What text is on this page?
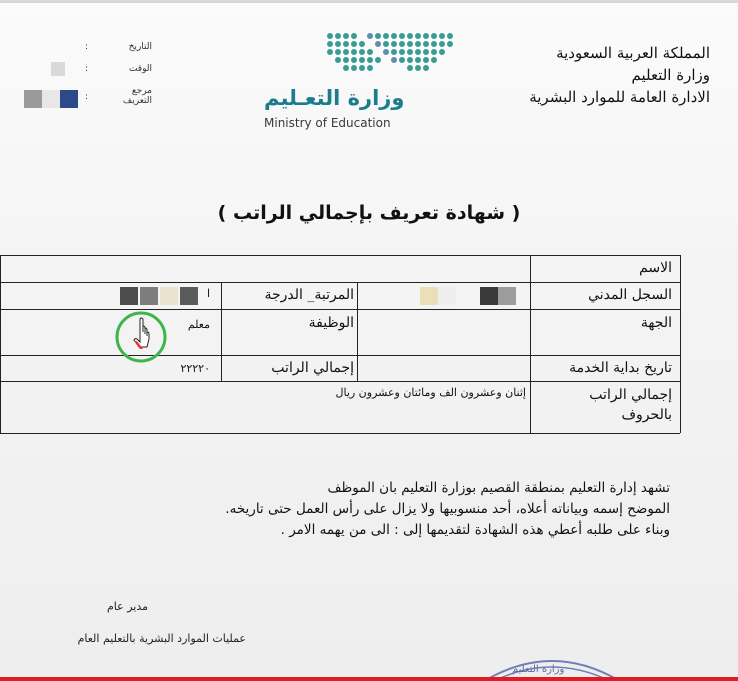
المملكة العربية السعودية
وزارة التعليم
الادارة العامة للموارد البشرية
التاريخ
:
الوقت
:
مرجع
التعريف
:	وزارة التعـليم
Ministry of Education
( شهادة تعريف بإجمالي الراتب )
الاسم
السجل المدني
الجهة
تاريخ بداية الخدمة
إجمالي الراتب
بالحروف
المرتبة_ الدرجة
الوظيفة
إجمالي الراتب
ا
معلم
٢٢٢٢٠
إثنان وعشرون الف ومائتان وعشرون ريال
تشهد إدارة التعليم بمنطقة القصيم بوزارة التعليم بان الموظف
الموضح إسمه وبياناته أعلاه، أحد منسوبيها ولا يزال على رأس العمل حتى تاريخه.
وبناء على طلبه أعطي هذه الشهادة لتقديمها إلى : الى من يهمه الامر .
مدير عام
عمليات الموارد البشرية بالتعليم العام
وزارة التعليم
